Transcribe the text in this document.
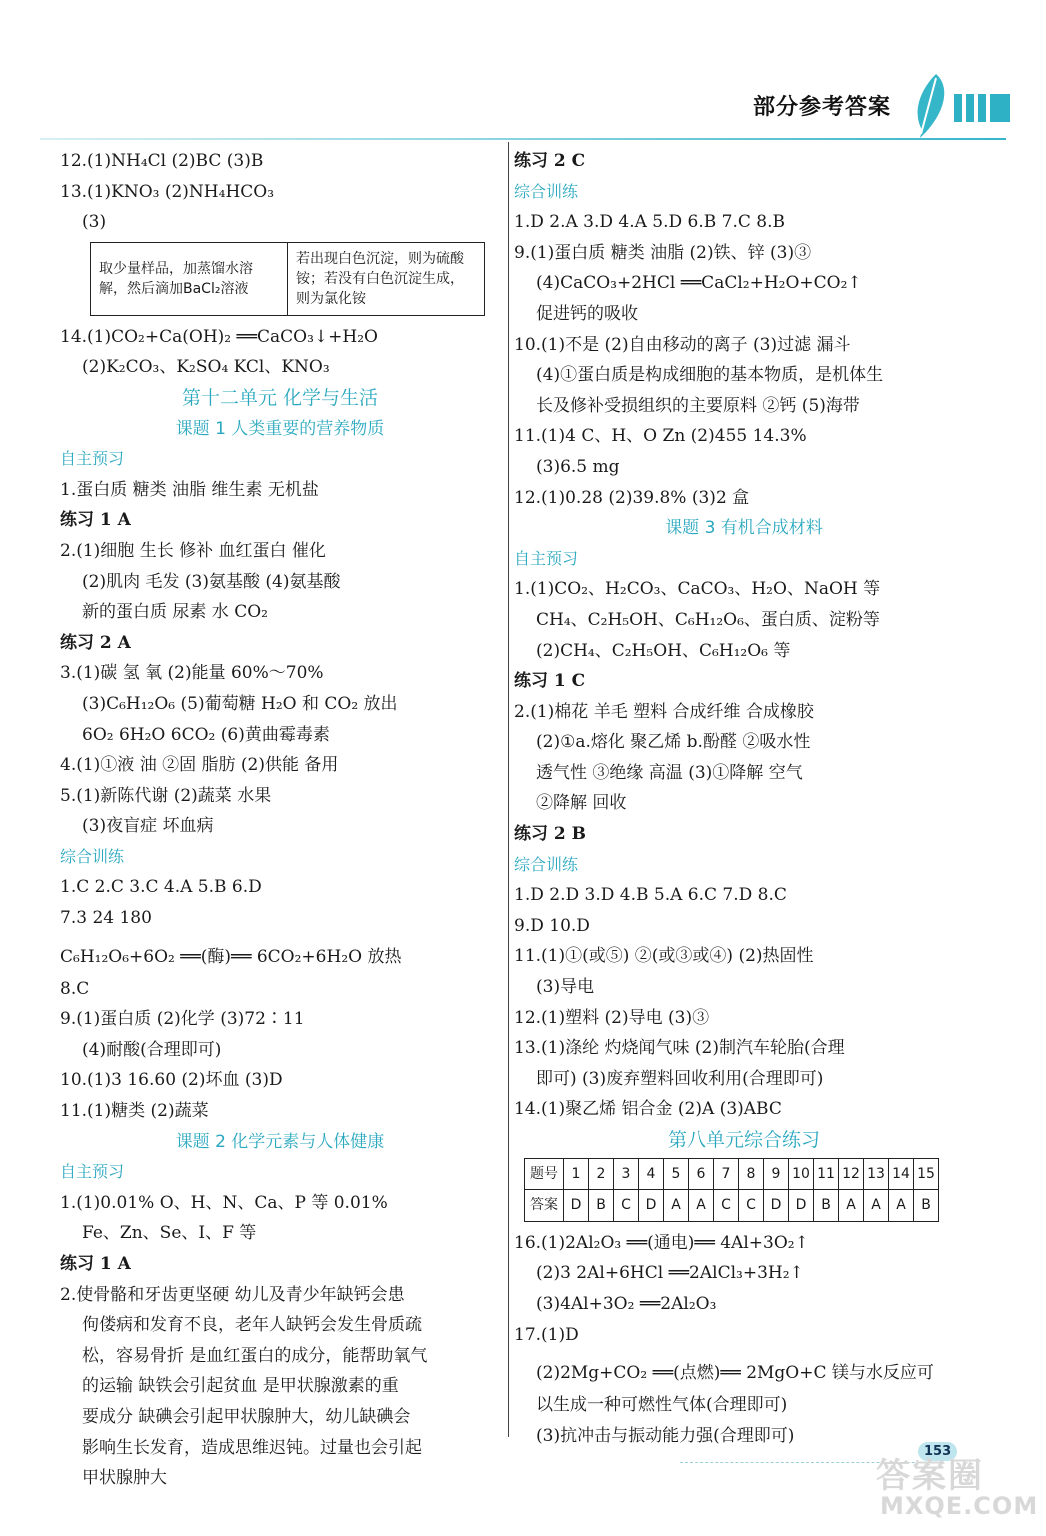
部分参考答案
12.(1)NH₄Cl (2)BC (3)B
13.(1)KNO₃ (2)NH₄HCO₃
(3)
取少量样品，加蒸馏水溶解，然后滴加BaCl₂溶液	若出现白色沉淀，则为硫酸铵；若没有白色沉淀生成，则为氯化铵
14.(1)CO₂+Ca(OH)₂ ══CaCO₃↓+H₂O
(2)K₂CO₃、K₂SO₄ KCl、KNO₃
第十二单元 化学与生活
课题 1 人类重要的营养物质
自主预习
1.蛋白质 糖类 油脂 维生素 无机盐
练习 1 A
2.(1)细胞 生长 修补 血红蛋白 催化
(2)肌肉 毛发 (3)氨基酸 (4)氨基酸
新的蛋白质 尿素 水 CO₂
练习 2 A
3.(1)碳 氢 氧 (2)能量 60%～70%
(3)C₆H₁₂O₆ (5)葡萄糖 H₂O 和 CO₂ 放出
6O₂ 6H₂O 6CO₂ (6)黄曲霉毒素
4.(1)①液 油 ②固 脂肪 (2)供能 备用
5.(1)新陈代谢 (2)蔬菜 水果
(3)夜盲症 坏血病
综合训练
1.C 2.C 3.C 4.A 5.B 6.D
7.3 24 180
C₆H₁₂O₆+6O₂ ══(酶)══ 6CO₂+6H₂O 放热
8.C
9.(1)蛋白质 (2)化学 (3)72∶11
(4)耐酸(合理即可)
10.(1)3 16.60 (2)坏血 (3)D
11.(1)糖类 (2)蔬菜
课题 2 化学元素与人体健康
自主预习
1.(1)0.01% O、H、N、Ca、P 等 0.01%
Fe、Zn、Se、I、F 等
练习 1 A
2.使骨骼和牙齿更坚硬 幼儿及青少年缺钙会患
佝偻病和发育不良，老年人缺钙会发生骨质疏
松，容易骨折 是血红蛋白的成分，能帮助氧气
的运输 缺铁会引起贫血 是甲状腺激素的重
要成分 缺碘会引起甲状腺肿大，幼儿缺碘会
影响生长发育，造成思维迟钝。过量也会引起
甲状腺肿大
练习 2 C
综合训练
1.D 2.A 3.D 4.A 5.D 6.B 7.C 8.B
9.(1)蛋白质 糖类 油脂 (2)铁、锌 (3)③
(4)CaCO₃+2HCl ══CaCl₂+H₂O+CO₂↑
促进钙的吸收
10.(1)不是 (2)自由移动的离子 (3)过滤 漏斗
(4)①蛋白质是构成细胞的基本物质，是机体生
长及修补受损组织的主要原料 ②钙 (5)海带
11.(1)4 C、H、O Zn (2)455 14.3%
(3)6.5 mg
12.(1)0.28 (2)39.8% (3)2 盒
课题 3 有机合成材料
自主预习
1.(1)CO₂、H₂CO₃、CaCO₃、H₂O、NaOH 等
CH₄、C₂H₅OH、C₆H₁₂O₆、蛋白质、淀粉等
(2)CH₄、C₂H₅OH、C₆H₁₂O₆ 等
练习 1 C
2.(1)棉花 羊毛 塑料 合成纤维 合成橡胶
(2)①a.熔化 聚乙烯 b.酚醛 ②吸水性
透气性 ③绝缘 高温 (3)①降解 空气
②降解 回收
练习 2 B
综合训练
1.D 2.D 3.D 4.B 5.A 6.C 7.D 8.C
9.D 10.D
11.(1)①(或⑤) ②(或③或④) (2)热固性
(3)导电
12.(1)塑料 (2)导电 (3)③
13.(1)涤纶 灼烧闻气味 (2)制汽车轮胎(合理
即可) (3)废弃塑料回收利用(合理即可)
14.(1)聚乙烯 铝合金 (2)A (3)ABC
第八单元综合练习
题号	1	2	3	4	5	6	7	8	9	10	11	12	13	14	15
答案	D	B	C	D	A	A	C	C	D	D	B	A	A	A	B
16.(1)2Al₂O₃ ══(通电)══ 4Al+3O₂↑
(2)3 2Al+6HCl ══2AlCl₃+3H₂↑
(3)4Al+3O₂ ══2Al₂O₃
17.(1)D
(2)2Mg+CO₂ ══(点燃)══ 2MgO+C 镁与水反应可
以生成一种可燃性气体(合理即可)
(3)抗冲击与振动能力强(合理即可)
153
答案圈
MXQE.COM
